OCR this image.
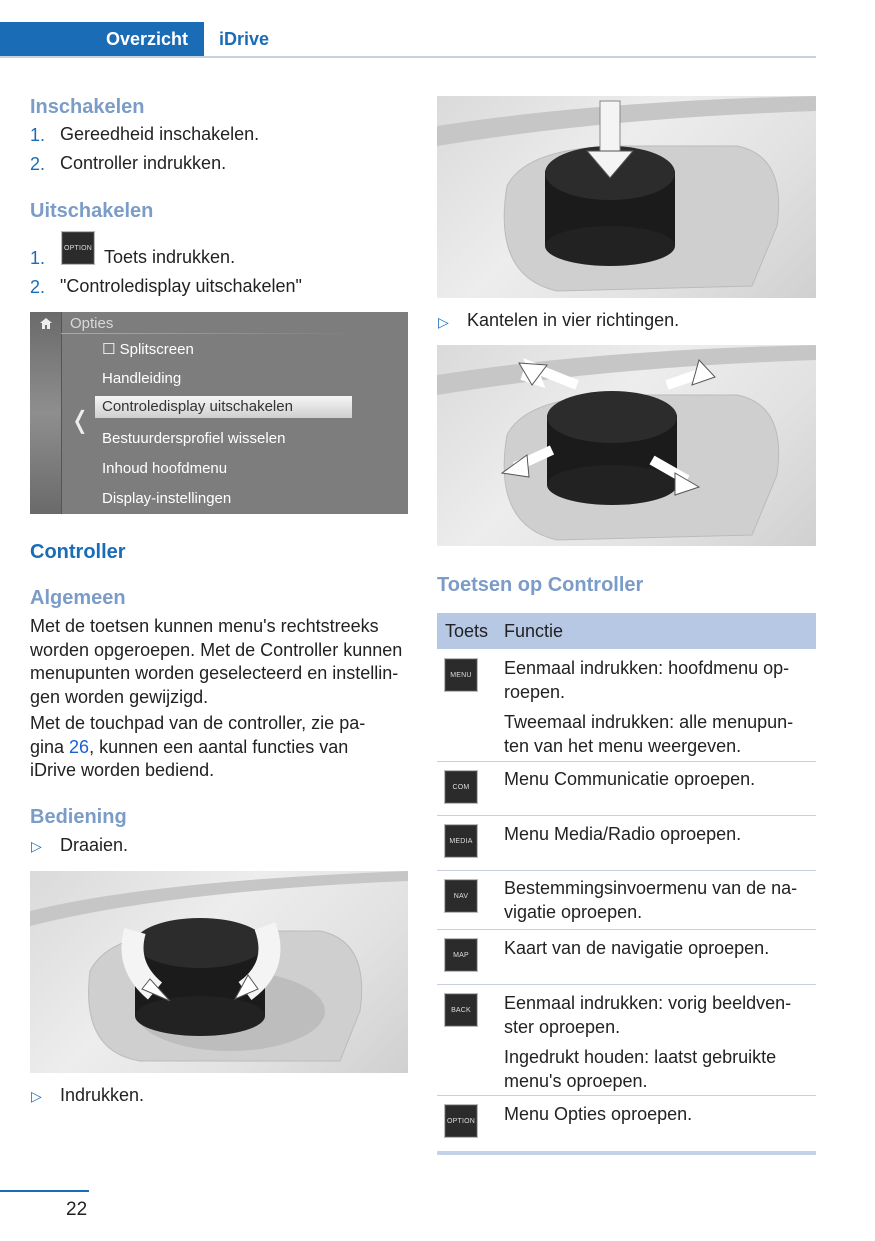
Overzicht iDrive
Inschakelen
1. Gereedheid inschakelen.
2. Controller indrukken.
Uitschakelen
1.	OPTION Toets indrukken.
2. "Controledisplay uitschakelen"
❬
Opties
☐ Splitscreen
Handleiding
Controledisplay uitschakelen
Bestuurdersprofiel wisselen
Inhoud hoofdmenu
Display-instellingen
Controller
Algemeen
Met de toetsen kunnen menu's rechtstreeks
worden opgeroepen. Met de Controller kunnen
menupunten worden geselecteerd en instellin-
gen worden gewijzigd.
Met de touchpad van de controller, zie pa-
gina 26, kunnen een aantal functies van
iDrive worden bediend.
Bediening
▷ Draaien.
▷ Indrukken.
▷ Kantelen in vier richtingen.
Toetsen op Controller
Toets Functie
MENU	Eenmaal indrukken: hoofdmenu op-
roepen.
Tweemaal indrukken: alle menupun-
ten van het menu weergeven.
COM	Menu Communicatie oproepen.
MEDIA	Menu Media/Radio oproepen.
NAV	Bestemmingsinvoermenu van de na-
vigatie oproepen.
MAP	Kaart van de navigatie oproepen.
BACK	Eenmaal indrukken: vorig beeldven-
ster oproepen.
Ingedrukt houden: laatst gebruikte
menu's oproepen.
OPTION Menu Opties oproepen.
22
